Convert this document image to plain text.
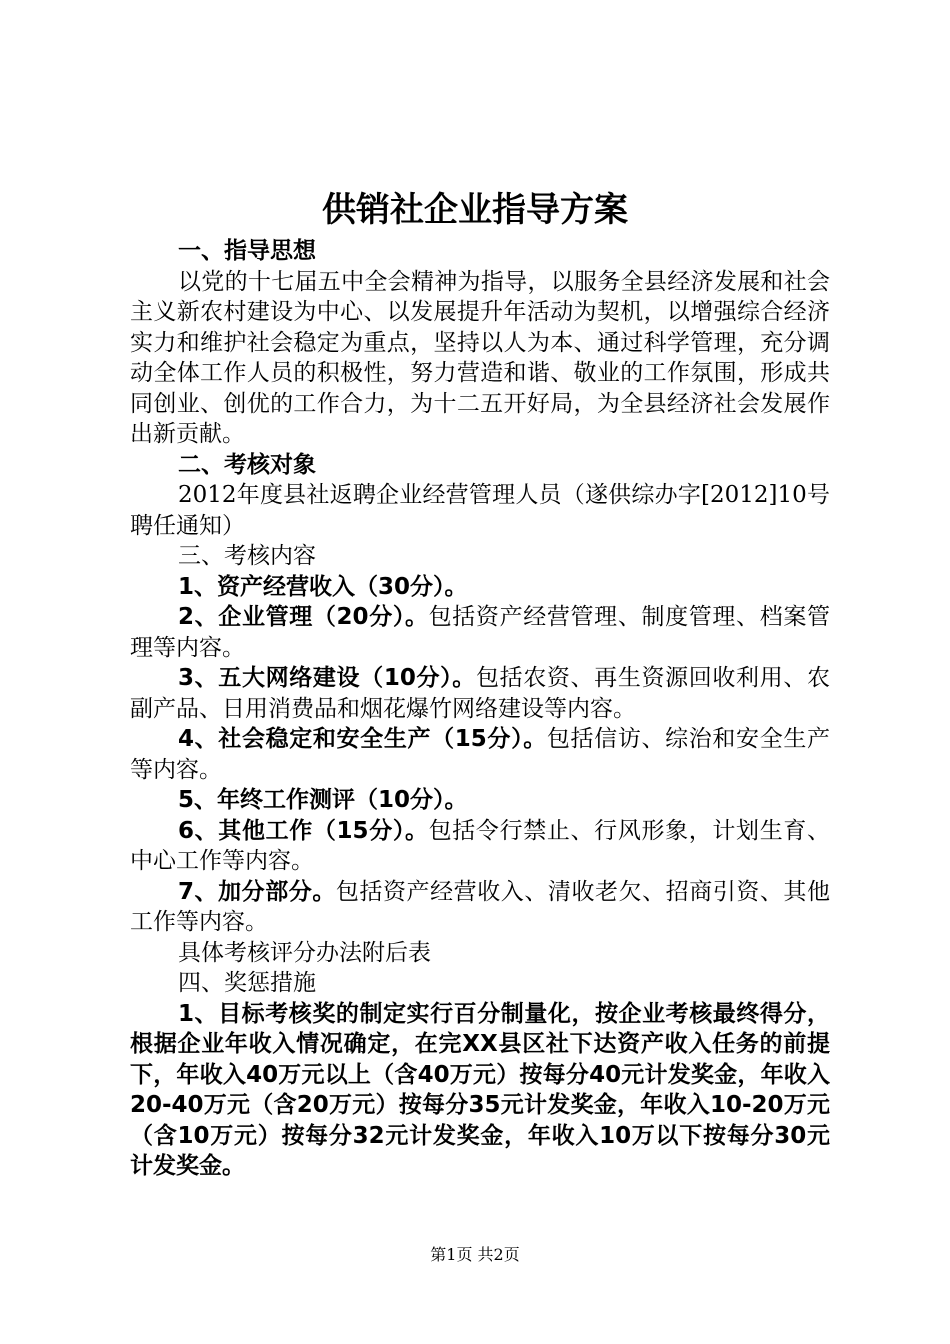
供销社企业指导方案

一、指导思想

以党的十七届五中全会精神为指导，以服务全县经济发展和社会主义新农村建设为中心、以发展提升年活动为契机，以增强综合经济实力和维护社会稳定为重点，坚持以人为本、通过科学管理，充分调动全体工作人员的积极性，努力营造和谐、敬业的工作氛围，形成共同创业、创优的工作合力，为十二五开好局，为全县经济社会发展作出新贡献。

二、考核对象

2012年度县社返聘企业经营管理人员（遂供综办字[2012]10号聘任通知）

三、考核内容

1、资产经营收入（30分）。

2、企业管理（20分）。包括资产经营管理、制度管理、档案管理等内容。

3、五大网络建设（10分）。包括农资、再生资源回收利用、农副产品、日用消费品和烟花爆竹网络建设等内容。

4、社会稳定和安全生产（15分）。包括信访、综治和安全生产等内容。

5、年终工作测评（10分）。

6、其他工作（15分）。包括令行禁止、行风形象，计划生育、中心工作等内容。

7、加分部分。包括资产经营收入、清收老欠、招商引资、其他工作等内容。

具体考核评分办法附后表

四、奖惩措施

1、目标考核奖的制定实行百分制量化，按企业考核最终得分，根据企业年收入情况确定，在完XX县区社下达资产收入任务的前提下，年收入40万元以上（含40万元）按每分40元计发奖金，年收入20-40万元（含20万元）按每分35元计发奖金，年收入10-20万元（含10万元）按每分32元计发奖金，年收入10万以下按每分30元计发奖金。

第1页 共2页
